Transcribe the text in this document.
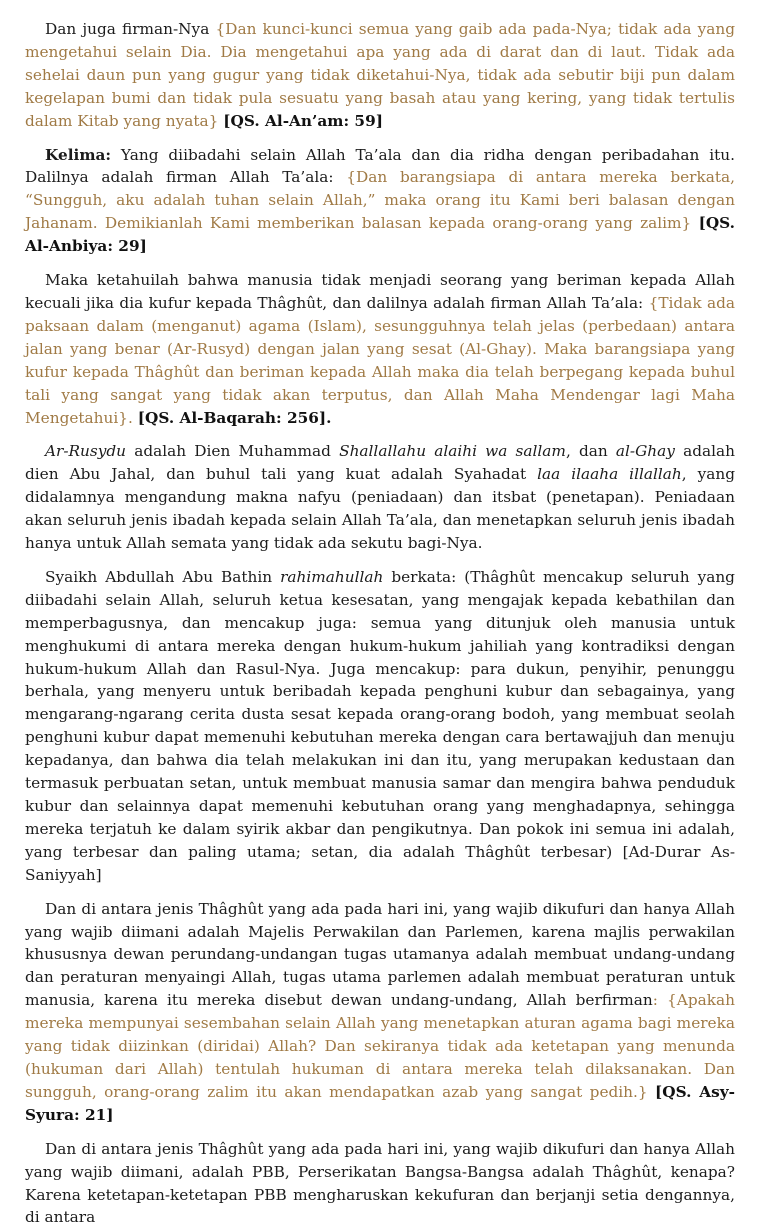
Dan juga firman-Nya {Dan kunci-kunci semua yang gaib ada pada-Nya; tidak ada yang mengetahui selain Dia. Dia mengetahui apa yang ada di darat dan di laut. Tidak ada sehelai daun pun yang gugur yang tidak diketahui-Nya, tidak ada sebutir biji pun dalam kegelapan bumi dan tidak pula sesuatu yang basah atau yang kering, yang tidak tertulis dalam Kitab yang nyata} [QS. Al-An’am: 59]

Kelima: Yang diibadahi selain Allah Ta’ala dan dia ridha dengan peribadahan itu. Dalilnya adalah firman Allah Ta’ala: {Dan barangsiapa di antara mereka berkata, “Sungguh, aku adalah tuhan selain Allah,” maka orang itu Kami beri balasan dengan Jahanam. Demikianlah Kami memberikan balasan kepada orang-orang yang zalim} [QS. Al-Anbiya: 29]

Maka ketahuilah bahwa manusia tidak menjadi seorang yang beriman kepada Allah kecuali jika dia kufur kepada Thâghût, dan dalilnya adalah firman Allah Ta’ala: {Tidak ada paksaan dalam (menganut) agama (Islam), sesungguhnya telah jelas (perbedaan) antara jalan yang benar (Ar-Rusyd) dengan jalan yang sesat (Al-Ghay). Maka barangsiapa yang kufur kepada Thâghût dan beriman kepada Allah maka dia telah berpegang kepada buhul tali yang sangat yang tidak akan terputus, dan Allah Maha Mendengar lagi Maha Mengetahui}. [QS. Al-Baqarah: 256].

Ar-Rusydu adalah Dien Muhammad Shallallahu alaihi wa sallam, dan al-Ghay adalah dien Abu Jahal, dan buhul tali yang kuat adalah Syahadat laa ilaaha illallah, yang didalamnya mengandung makna nafyu (peniadaan) dan itsbat (penetapan). Peniadaan akan seluruh jenis ibadah kepada selain Allah Ta’ala, dan menetapkan seluruh jenis ibadah hanya untuk Allah semata yang tidak ada sekutu bagi-Nya.

Syaikh Abdullah Abu Bathin rahimahullah berkata: (Thâghût mencakup seluruh yang diibadahi selain Allah, seluruh ketua kesesatan, yang mengajak kepada kebathilan dan memperbagusnya, dan mencakup juga: semua yang ditunjuk oleh manusia untuk menghukumi di antara mereka dengan hukum-hukum jahiliah yang kontradiksi dengan hukum-hukum Allah dan Rasul-Nya. Juga mencakup: para dukun, penyihir, penunggu berhala, yang menyeru untuk beribadah kepada penghuni kubur dan sebagainya, yang mengarang-ngarang cerita dusta sesat kepada orang-orang bodoh, yang membuat seolah penghuni kubur dapat memenuhi kebutuhan mereka dengan cara bertawajjuh dan menuju kepadanya, dan bahwa dia telah melakukan ini dan itu, yang merupakan kedustaan dan termasuk perbuatan setan, untuk membuat manusia samar dan mengira bahwa penduduk kubur dan selainnya dapat memenuhi kebutuhan orang yang menghadapnya, sehingga mereka terjatuh ke dalam syirik akbar dan pengikutnya. Dan pokok ini semua ini adalah, yang terbesar dan paling utama; setan, dia adalah Thâghût terbesar) [Ad-Durar As-Saniyyah]

Dan di antara jenis Thâghût yang ada pada hari ini, yang wajib dikufuri dan hanya Allah yang wajib diimani adalah Majelis Perwakilan dan Parlemen, karena majlis perwakilan khususnya dewan perundang-undangan tugas utamanya adalah membuat undang-undang dan peraturan menyaingi Allah, tugas utama parlemen adalah membuat peraturan untuk manusia, karena itu mereka disebut dewan undang-undang, Allah berfirman: {Apakah mereka mempunyai sesembahan selain Allah yang menetapkan aturan agama bagi mereka yang tidak diizinkan (diridai) Allah? Dan sekiranya tidak ada ketetapan yang menunda (hukuman dari Allah) tentulah hukuman di antara mereka telah dilaksanakan. Dan sungguh, orang-orang zalim itu akan mendapatkan azab yang sangat pedih.} [QS. Asy-Syura: 21]

Dan di antara jenis Thâghût yang ada pada hari ini, yang wajib dikufuri dan hanya Allah yang wajib diimani, adalah PBB, Perserikatan Bangsa-Bangsa adalah Thâghût, kenapa? Karena ketetapan-ketetapan PBB mengharuskan kekufuran dan berjanji setia dengannya, di antara
